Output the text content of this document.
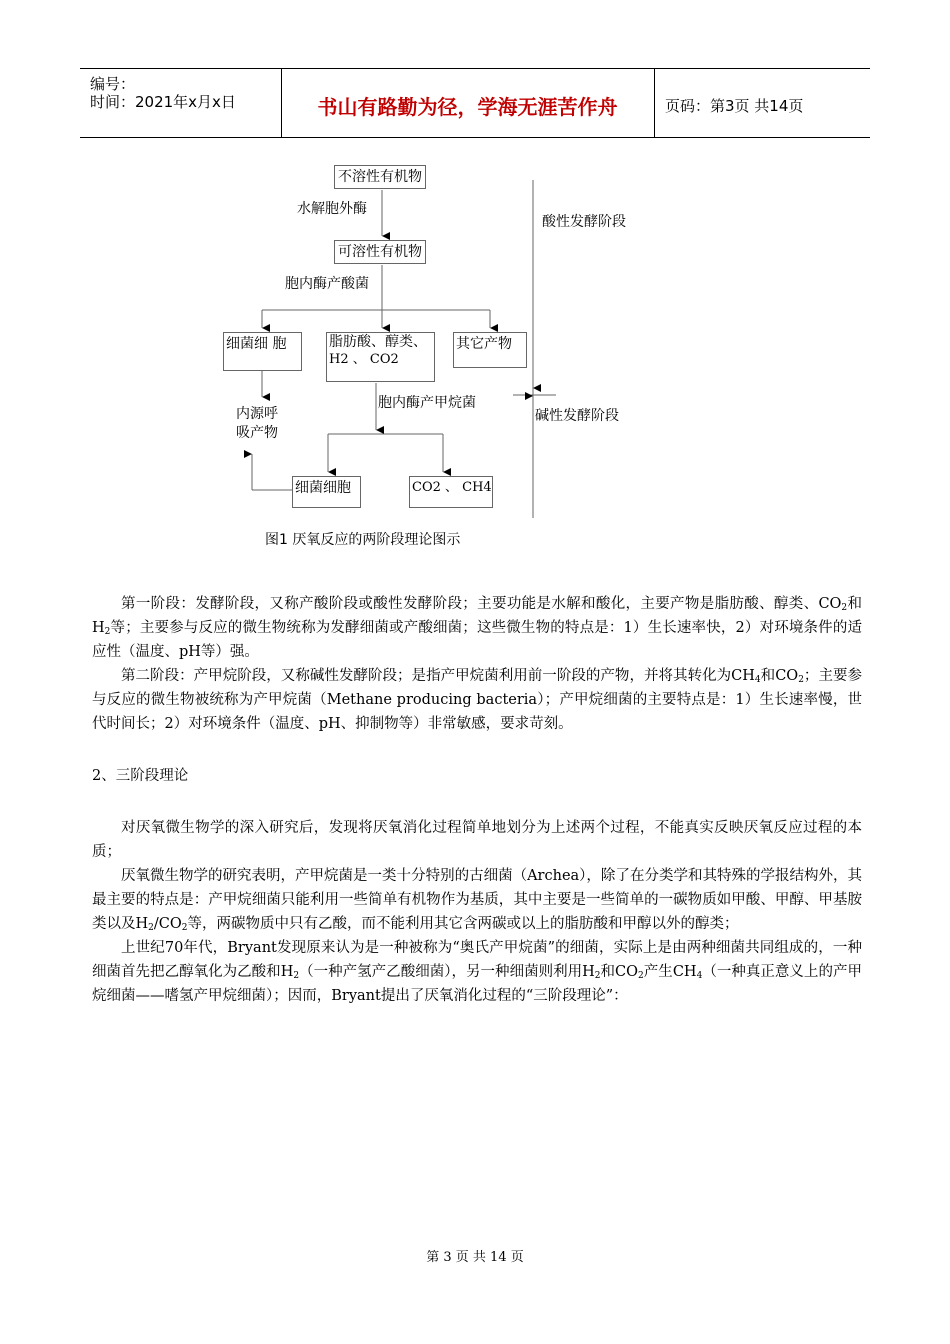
编号：
时间：2021年x月x日	书山有路勤为径，学海无涯苦作舟	页码：第3页 共14页
不溶性有机物
水解胞外酶
可溶性有机物
胞内酶产酸菌
细菌细 胞	脂肪酸、醇类、
H2 、 CO2
其它产物
内源呼
吸产物
胞内酶产甲烷菌
细菌细胞	CO2 、 CH4
酸性发酵阶段
碱性发酵阶段
图1 厌氧反应的两阶段理论图示

第一阶段：发酵阶段，又称产酸阶段或酸性发酵阶段；主要功能是水解和酸化，主要产物是脂肪酸、醇类、$CO_2$和$H_2$等；主要参与反应的微生物统称为发酵细菌或产酸细菌；这些微生物的特点是：1）生长速率快，2）对环境条件的适应性（温度、pH等）强。

第二阶段：产甲烷阶段，又称碱性发酵阶段；是指产甲烷菌利用前一阶段的产物，并将其转化为$CH_4$和$CO_2$；主要参与反应的微生物被统称为产甲烷菌（Methane producing bacteria）；产甲烷细菌的主要特点是：1）生长速率慢，世代时间长；2）对环境条件（温度、pH、抑制物等）非常敏感，要求苛刻。

2、三阶段理论

对厌氧微生物学的深入研究后，发现将厌氧消化过程简单地划分为上述两个过程，不能真实反映厌氧反应过程的本质；

厌氧微生物学的研究表明，产甲烷菌是一类十分特别的古细菌（Archea），除了在分类学和其特殊的学报结构外，其最主要的特点是：产甲烷细菌只能利用一些简单有机物作为基质，其中主要是一些简单的一碳物质如甲酸、甲醇、甲基胺类以及$H_2/CO_2$等，两碳物质中只有乙酸，而不能利用其它含两碳或以上的脂肪酸和甲醇以外的醇类；

上世纪70年代，Bryant发现原来认为是一种被称为“奥氏产甲烷菌”的细菌，实际上是由两种细菌共同组成的，一种细菌首先把乙醇氧化为乙酸和$H_2$（一种产氢产乙酸细菌），另一种细菌则利用$H_2$和$CO_2$产生$CH_4$（一种真正意义上的产甲烷细菌——嗜氢产甲烷细菌）；因而，Bryant提出了厌氧消化过程的“三阶段理论”：

第 3 页 共 14 页
